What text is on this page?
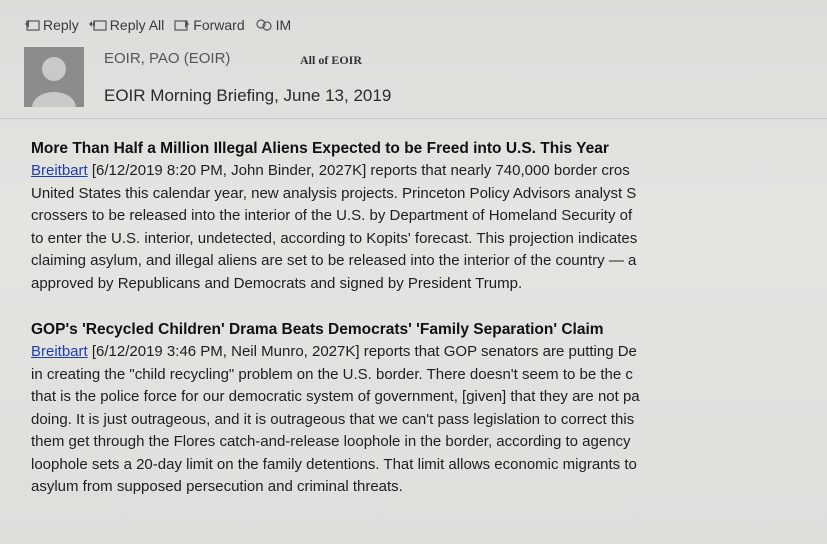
Reply Reply All Forward IM
EOIR, PAO (EOIR)	All of EOIR
EOIR Morning Briefing, June 13, 2019
More Than Half a Million Illegal Aliens Expected to be Freed into U.S. This Year
Breitbart [6/12/2019 8:20 PM, John Binder, 2027K] reports that nearly 740,000 border cros
United States this calendar year, new analysis projects. Princeton Policy Advisors analyst S
crossers to be released into the interior of the U.S. by Department of Homeland Security of
to enter the U.S. interior, undetected, according to Kopits' forecast. This projection indicates
claiming asylum, and illegal aliens are set to be released into the interior of the country — a
approved by Republicans and Democrats and signed by President Trump.
GOP's 'Recycled Children' Drama Beats Democrats' 'Family Separation' Claim
Breitbart [6/12/2019 3:46 PM, Neil Munro, 2027K] reports that GOP senators are putting De
in creating the "child recycling" problem on the U.S. border. There doesn't seem to be the c
that is the police force for our democratic system of government, [given] that they are not pa
doing. It is just outrageous, and it is outrageous that we can't pass legislation to correct this
them get through the Flores catch-and-release loophole in the border, according to agency
loophole sets a 20-day limit on the family detentions. That limit allows economic migrants to
asylum from supposed persecution and criminal threats.
